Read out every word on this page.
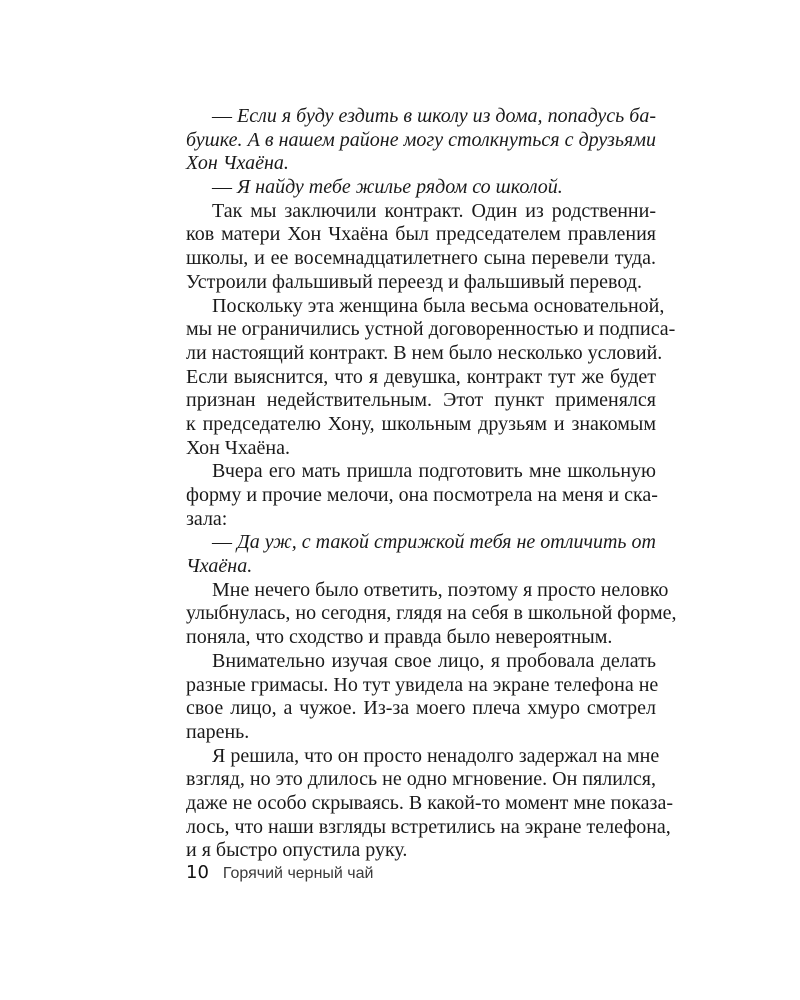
— Если я буду ездить в школу из дома, попадусь ба-
бушке. А в нашем районе могу столкнуться с друзьями
Хон Чхаёна.
— Я найду тебе жилье рядом со школой.
Так мы заключили контракт. Один из родственни-
ков матери Хон Чхаёна был председателем правления
школы, и ее восемнадцатилетнего сына перевели туда.
Устроили фальшивый переезд и фальшивый перевод.
Поскольку эта женщина была весьма основательной,
мы не ограничились устной договоренностью и подписа-
ли настоящий контракт. В нем было несколько условий.
Если выяснится, что я девушка, контракт тут же будет
признан недействительным. Этот пункт применялся
к председателю Хону, школьным друзьям и знакомым
Хон Чхаёна.
Вчера его мать пришла подготовить мне школьную
форму и прочие мелочи, она посмотрела на меня и ска-
зала:
— Да уж, с такой стрижкой тебя не отличить от
Чхаёна.
Мне нечего было ответить, поэтому я просто неловко
улыбнулась, но сегодня, глядя на себя в школьной форме,
поняла, что сходство и правда было невероятным.
Внимательно изучая свое лицо, я пробовала делать
разные гримасы. Но тут увидела на экране телефона не
свое лицо, а чужое. Из-за моего плеча хмуро смотрел
парень.
Я решила, что он просто ненадолго задержал на мне
взгляд, но это длилось не одно мгновение. Он пялился,
даже не особо скрываясь. В какой-то момент мне показа-
лось, что наши взгляды встретились на экране телефона,
и я быстро опустила руку.
10 Горячий черный чай
